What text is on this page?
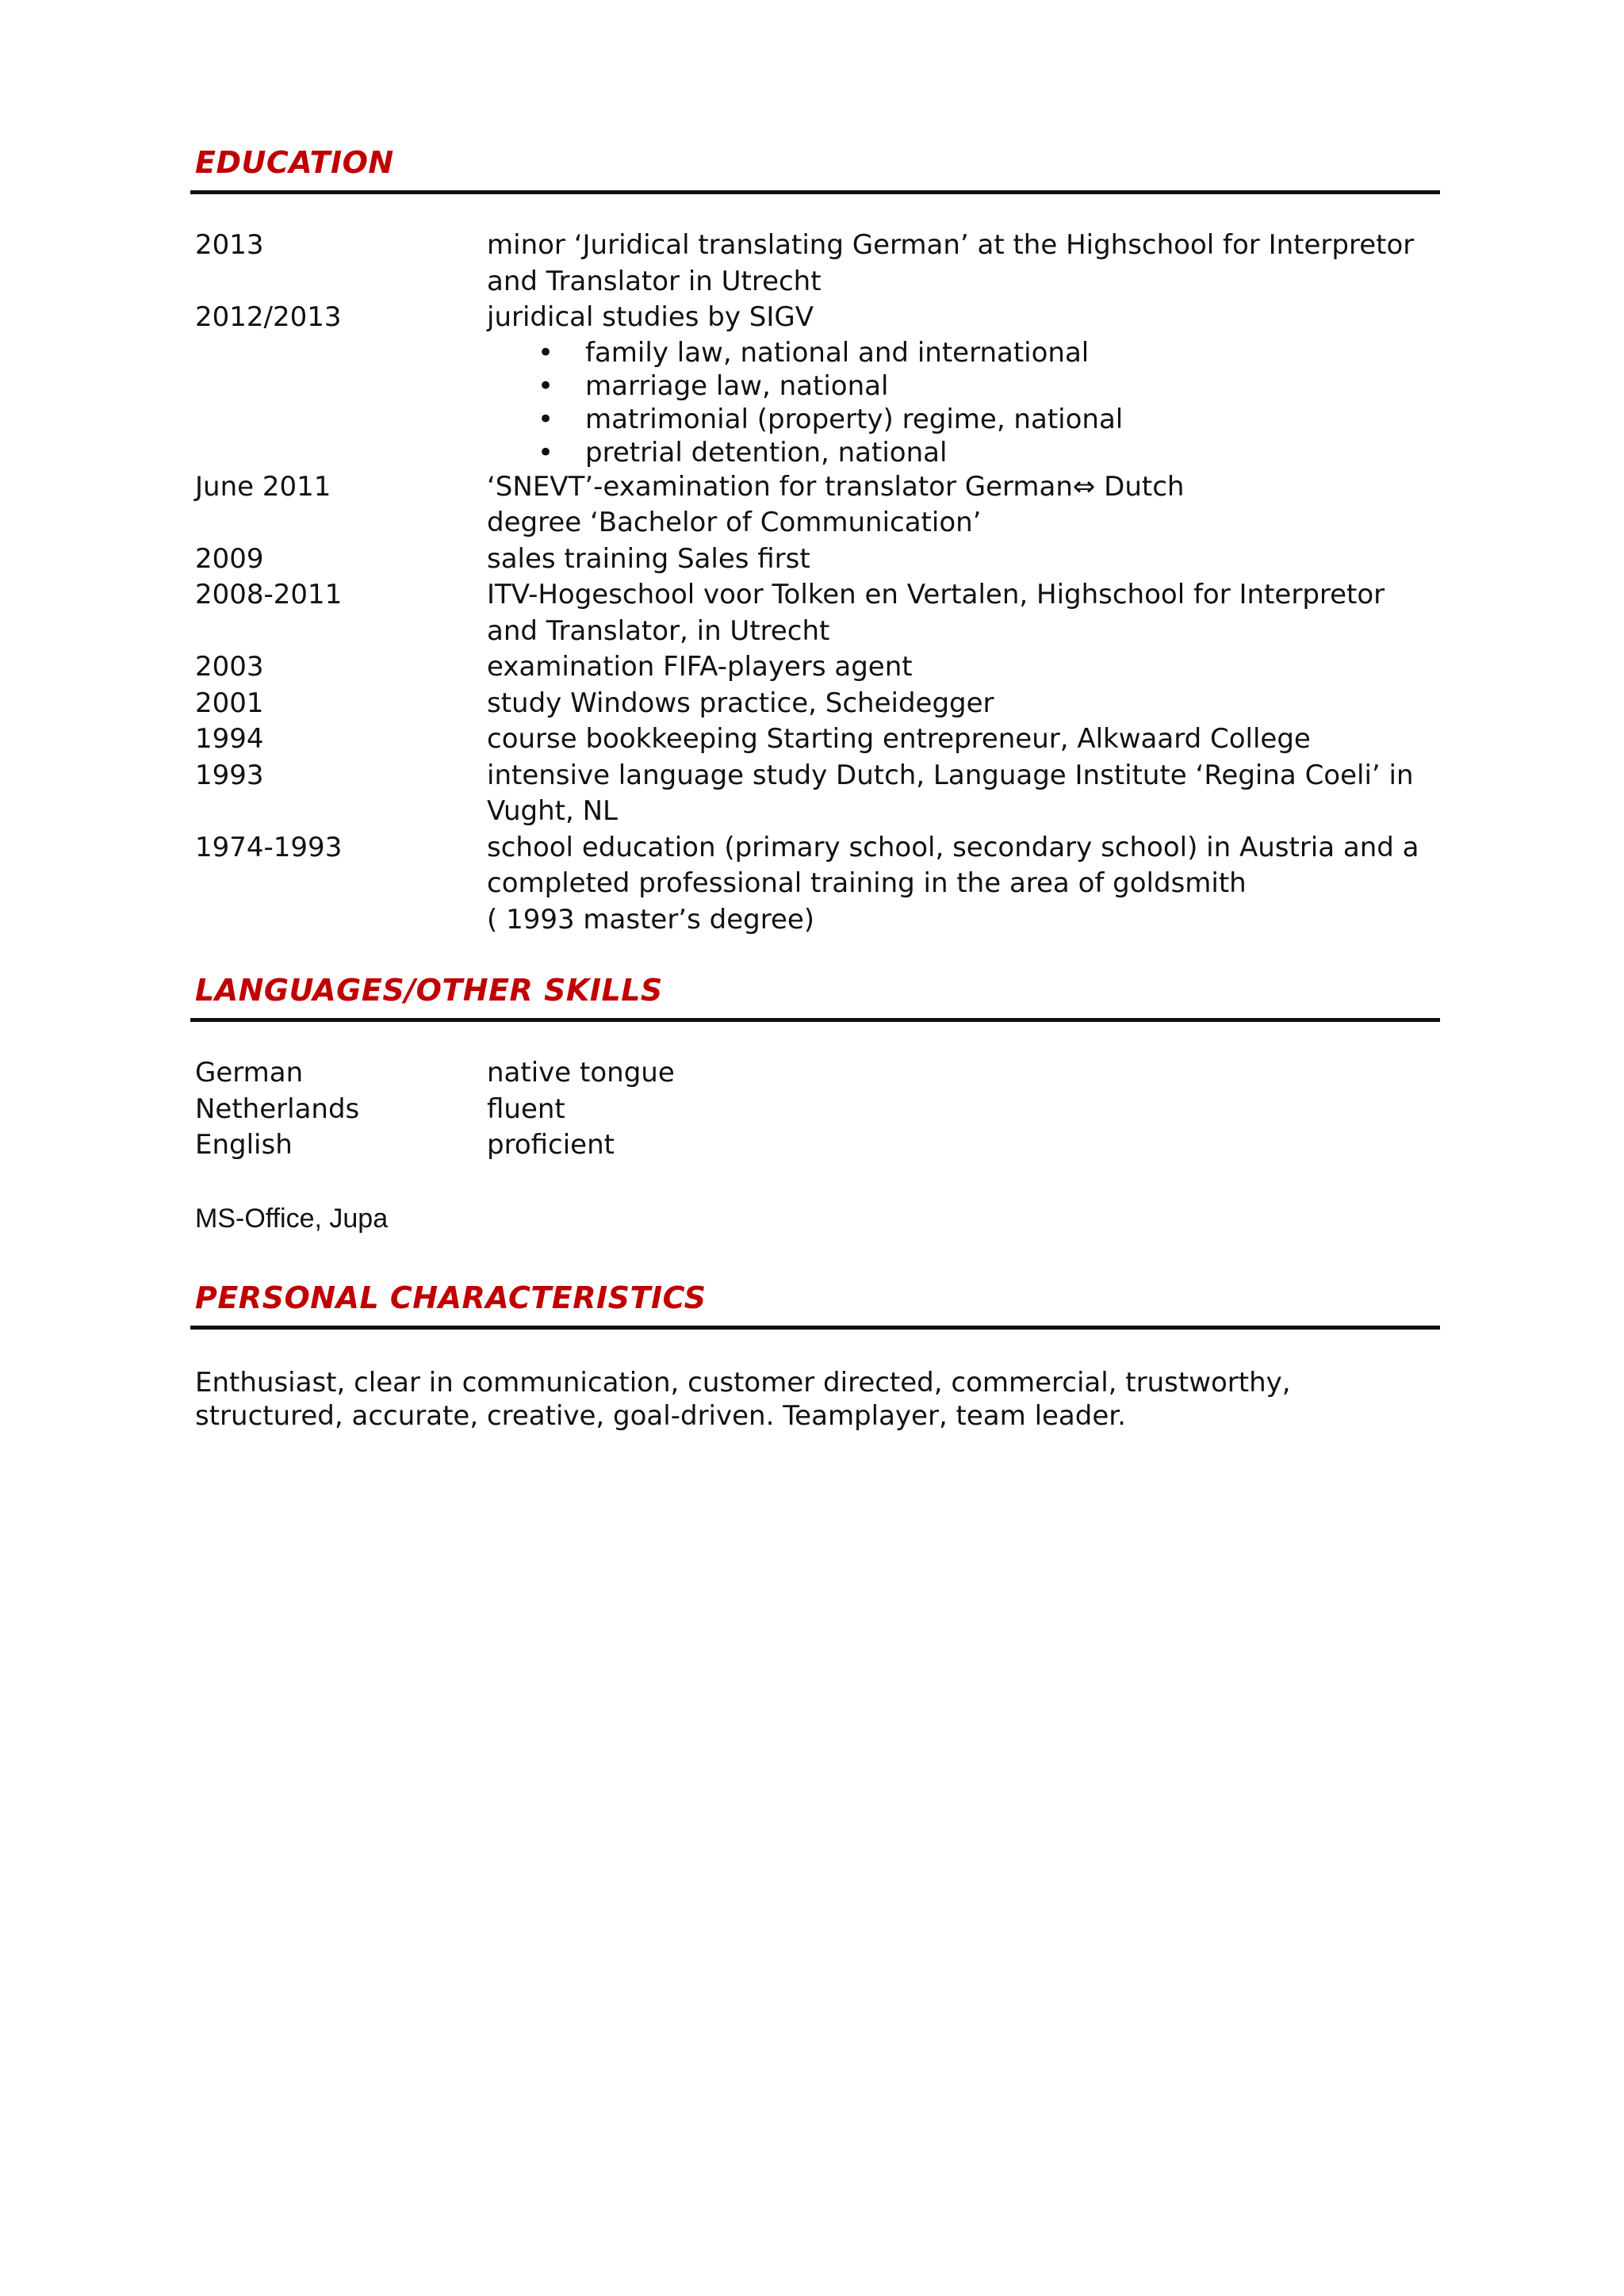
EDUCATION
2013	minor ‘Juridical translating German’ at the Highschool for Interpretor and Translator in Utrecht
2012/2013	juridical studies by SIGV
• family law, national and international
• marriage law, national
• matrimonial (property) regime, national
• pretrial detention, national
June 2011	‘SNEVT’-examination for translator German⇔ Dutch
degree ‘Bachelor of Communication’
2009	sales training Sales first
2008-2011	ITV-Hogeschool voor Tolken en Vertalen, Highschool for Interpretor and Translator, in Utrecht
2003	examination FIFA-players agent
2001	study Windows practice, Scheidegger
1994	course bookkeeping Starting entrepreneur, Alkwaard College
1993	intensive language study Dutch, Language Institute ‘Regina Coeli’ in Vught, NL
1974-1993	school education (primary school, secondary school) in Austria and a completed professional training in the area of goldsmith
( 1993 master’s degree)
LANGUAGES/OTHER SKILLS
German	native tongue
Netherlands	fluent
English	proficient
MS-Office, Jupa
PERSONAL CHARACTERISTICS
Enthusiast, clear in communication, customer directed, commercial, trustworthy, structured, accurate, creative, goal-driven. Teamplayer, team leader.
